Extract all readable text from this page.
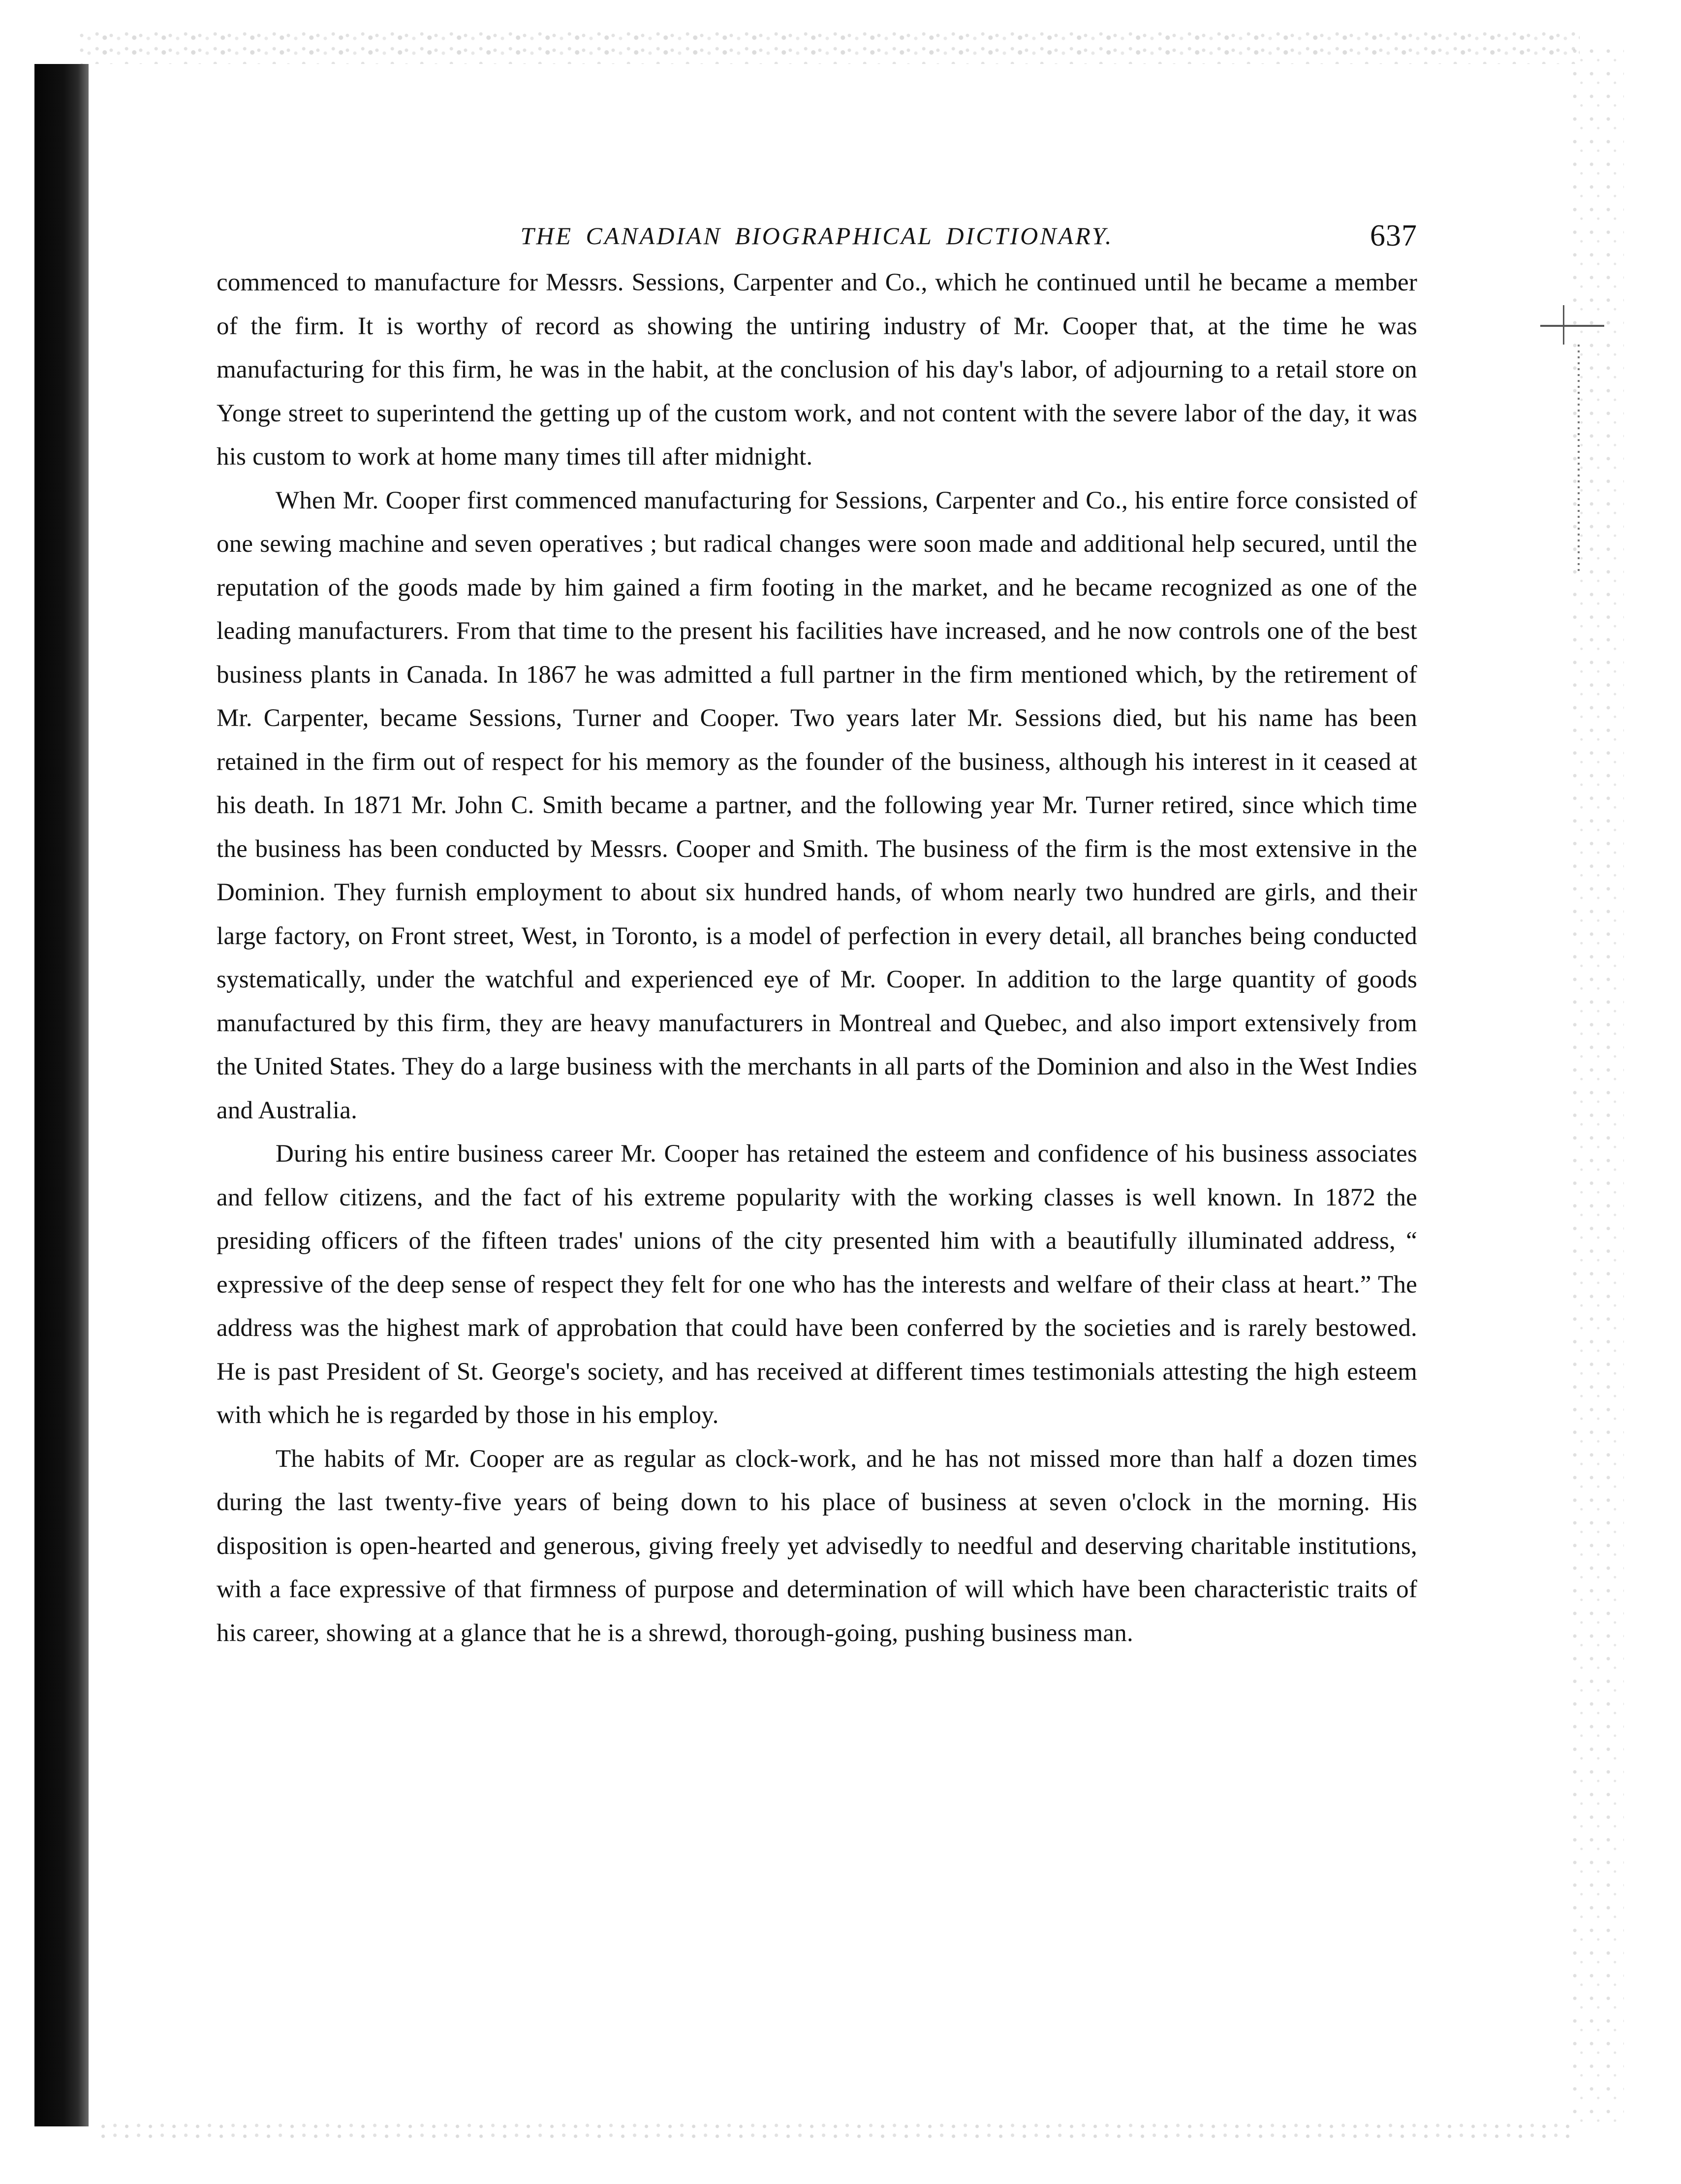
THE CANADIAN BIOGRAPHICAL DICTIONARY.	637

commenced to manufacture for Messrs. Sessions, Carpenter and Co., which he continued until he became a member of the firm. It is worthy of record as showing the untiring industry of Mr. Cooper that, at the time he was manufacturing for this firm, he was in the habit, at the conclusion of his day's labor, of adjourning to a retail store on Yonge street to superintend the getting up of the custom work, and not content with the severe labor of the day, it was his custom to work at home many times till after midnight.

When Mr. Cooper first commenced manufacturing for Sessions, Carpenter and Co., his entire force consisted of one sewing machine and seven operatives ; but radical changes were soon made and additional help secured, until the reputation of the goods made by him gained a firm footing in the market, and he became recognized as one of the leading manufacturers. From that time to the present his facilities have increased, and he now controls one of the best business plants in Canada. In 1867 he was admitted a full partner in the firm mentioned which, by the retirement of Mr. Carpenter, became Sessions, Turner and Cooper. Two years later Mr. Sessions died, but his name has been retained in the firm out of respect for his memory as the founder of the business, although his interest in it ceased at his death. In 1871 Mr. John C. Smith became a partner, and the following year Mr. Turner retired, since which time the business has been conducted by Messrs. Cooper and Smith. The business of the firm is the most extensive in the Dominion. They furnish employment to about six hundred hands, of whom nearly two hundred are girls, and their large factory, on Front street, West, in Toronto, is a model of perfection in every detail, all branches being conducted systematically, under the watchful and experienced eye of Mr. Cooper. In addition to the large quantity of goods manufactured by this firm, they are heavy manufacturers in Montreal and Quebec, and also import extensively from the United States. They do a large business with the merchants in all parts of the Dominion and also in the West Indies and Australia.

During his entire business career Mr. Cooper has retained the esteem and confidence of his business associates and fellow citizens, and the fact of his extreme popularity with the working classes is well known. In 1872 the presiding officers of the fifteen trades' unions of the city presented him with a beautifully illuminated address, “ expressive of the deep sense of respect they felt for one who has the interests and welfare of their class at heart.” The address was the highest mark of approbation that could have been conferred by the societies and is rarely bestowed. He is past President of St. George's society, and has received at different times testimonials attesting the high esteem with which he is regarded by those in his employ.

The habits of Mr. Cooper are as regular as clock-work, and he has not missed more than half a dozen times during the last twenty-five years of being down to his place of business at seven o'clock in the morning. His disposition is open-hearted and generous, giving freely yet advisedly to needful and deserving charitable institutions, with a face expressive of that firmness of purpose and determination of will which have been characteristic traits of his career, showing at a glance that he is a shrewd, thorough-going, pushing business man.
